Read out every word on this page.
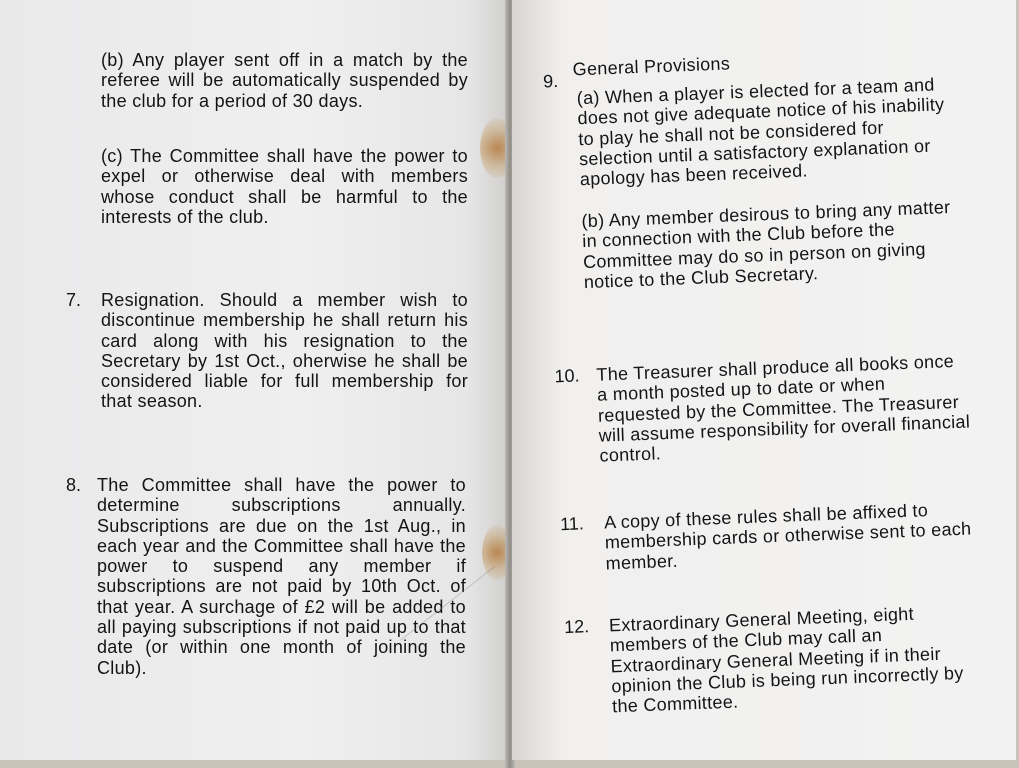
(b) Any player sent off in a match by the referee will be automatically suspended by the club for a period of 30 days.

(c) The Committee shall have the power to expel or otherwise deal with members whose conduct shall be harmful to the interests of the club.

7. Resignation. Should a member wish to discontinue membership he shall return his card along with his resignation to the Secretary by 1st Oct., oherwise he shall be considered liable for full membership for that season.

8. The Committee shall have the power to determine subscriptions annually. Subscriptions are due on the 1st Aug., in each year and the Committee shall have the power to suspend any member if subscriptions are not paid by 10th Oct. of that year. A surchage of £2 will be added to all paying subscriptions if not paid up to that date (or within one month of joining the Club).

9.

General Provisions

(a) When a player is elected for a team and does not give adequate notice of his inability to play he shall not be considered for selection until a satisfactory explanation or apology has been received.

(b) Any member desirous to bring any matter in connection with the Club before the Committee may do so in person on giving notice to the Club Secretary.

10. The Treasurer shall produce all books once a month posted up to date or when requested by the Committee. The Treasurer will assume responsibility for overall financial control.

11. A copy of these rules shall be affixed to membership cards or otherwise sent to each member.

12. Extraordinary General Meeting, eight members of the Club may call an Extraordinary General Meeting if in their opinion the Club is being run incorrectly by the Committee.
